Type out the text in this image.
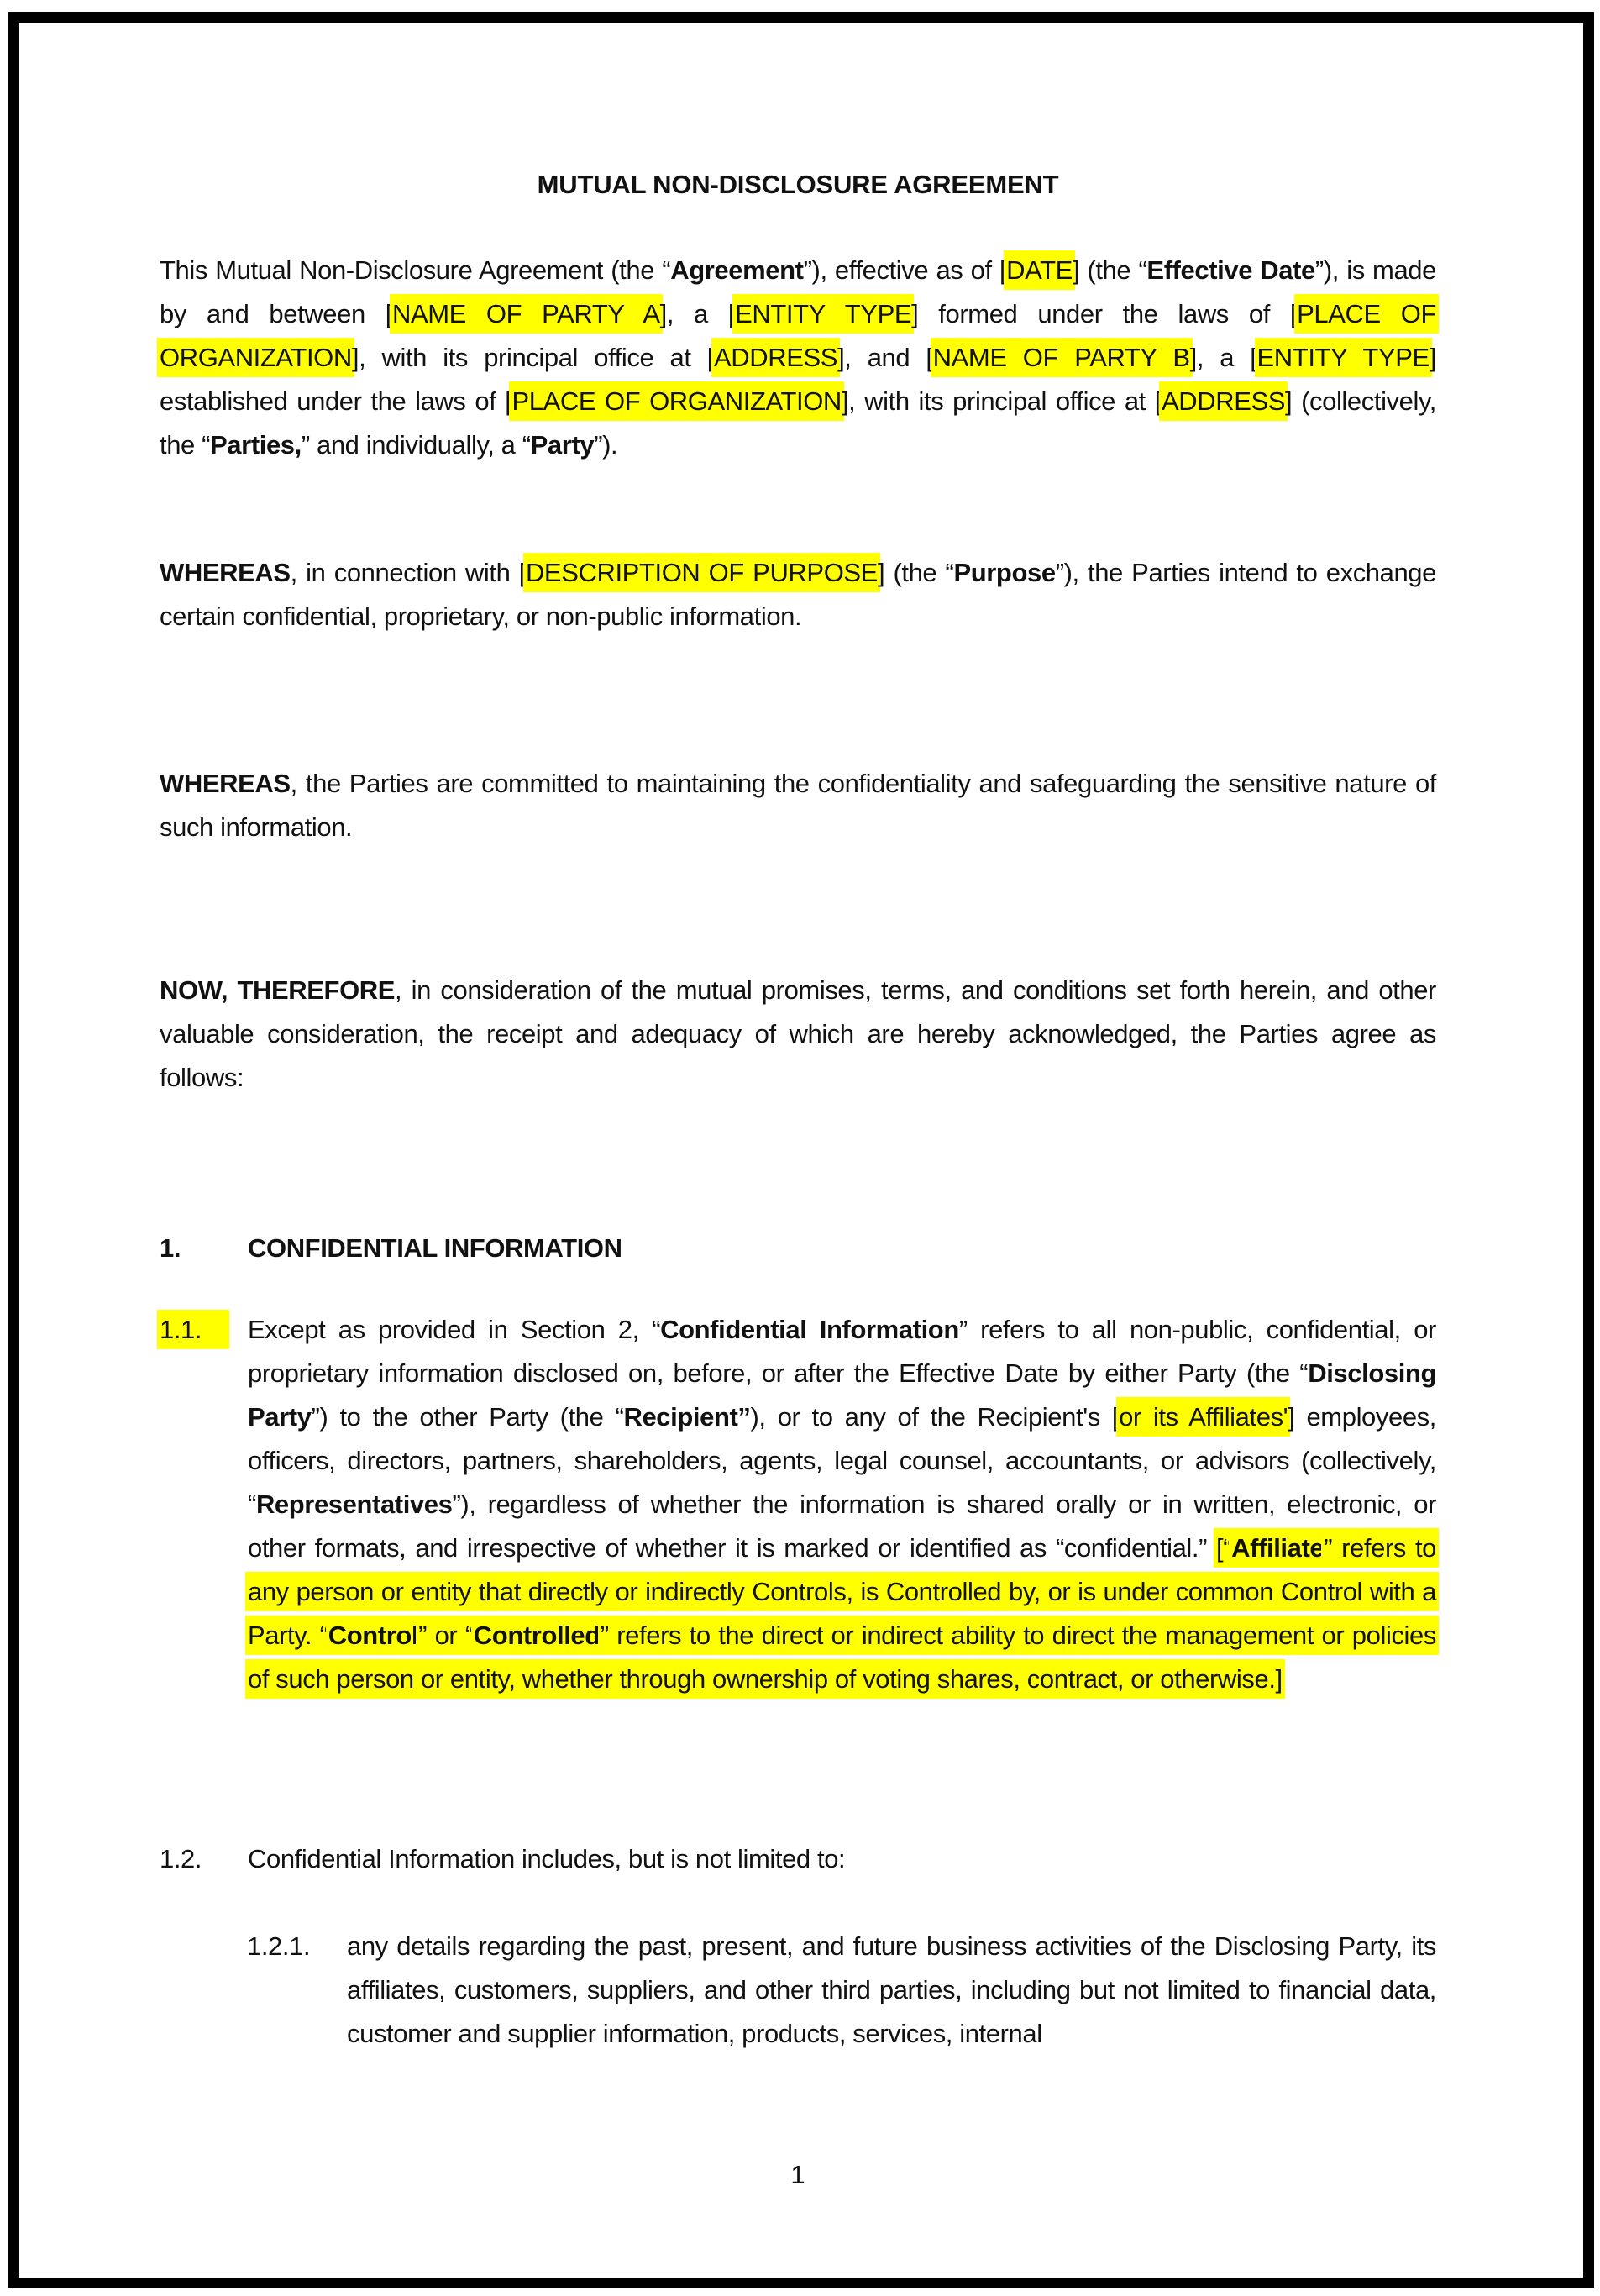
MUTUAL NON-DISCLOSURE AGREEMENT
This Mutual Non-Disclosure Agreement (the “Agreement”), effective as of [DATE] (the “Effective Date”), is made by and between [NAME OF PARTY A], a [ENTITY TYPE] formed under the laws of [PLACE OF ORGANIZATION], with its principal office at [ADDRESS], and [NAME OF PARTY B], a [ENTITY TYPE] established under the laws of [PLACE OF ORGANIZATION], with its principal office at [ADDRESS] (collectively, the “Parties,” and individually, a “Party”).
WHEREAS, in connection with [DESCRIPTION OF PURPOSE] (the “Purpose”), the Parties intend to exchange certain confidential, proprietary, or non-public information.
WHEREAS, the Parties are committed to maintaining the confidentiality and safeguarding the sensitive nature of such information.
NOW, THEREFORE, in consideration of the mutual promises, terms, and conditions set forth herein, and other valuable consideration, the receipt and adequacy of which are hereby acknowledged, the Parties agree as follows:
1.	CONFIDENTIAL INFORMATION
1.1.	Except as provided in Section 2, “Confidential Information” refers to all non-public, confidential, or proprietary information disclosed on, before, or after the Effective Date by either Party (the “Disclosing Party”) to the other Party (the “Recipient”), or to any of the Recipient's [or its Affiliates'] employees, officers, directors, partners, shareholders, agents, legal counsel, accountants, or advisors (collectively, “Representatives”), regardless of whether the information is shared orally or in written, electronic, or other formats, and irrespective of whether it is marked or identified as “confidential.” [“Affiliate” refers to any person or entity that directly or indirectly Controls, is Controlled by, or is under common Control with a Party. “Control” or “Controlled” refers to the direct or indirect ability to direct the management or policies of such person or entity, whether through ownership of voting shares, contract, or otherwise.]
1.2. Confidential Information includes, but is not limited to:
1.2.1. any details regarding the past, present, and future business activities of the Disclosing Party, its affiliates, customers, suppliers, and other third parties, including but not limited to financial data, customer and supplier information, products, services, internal
1
